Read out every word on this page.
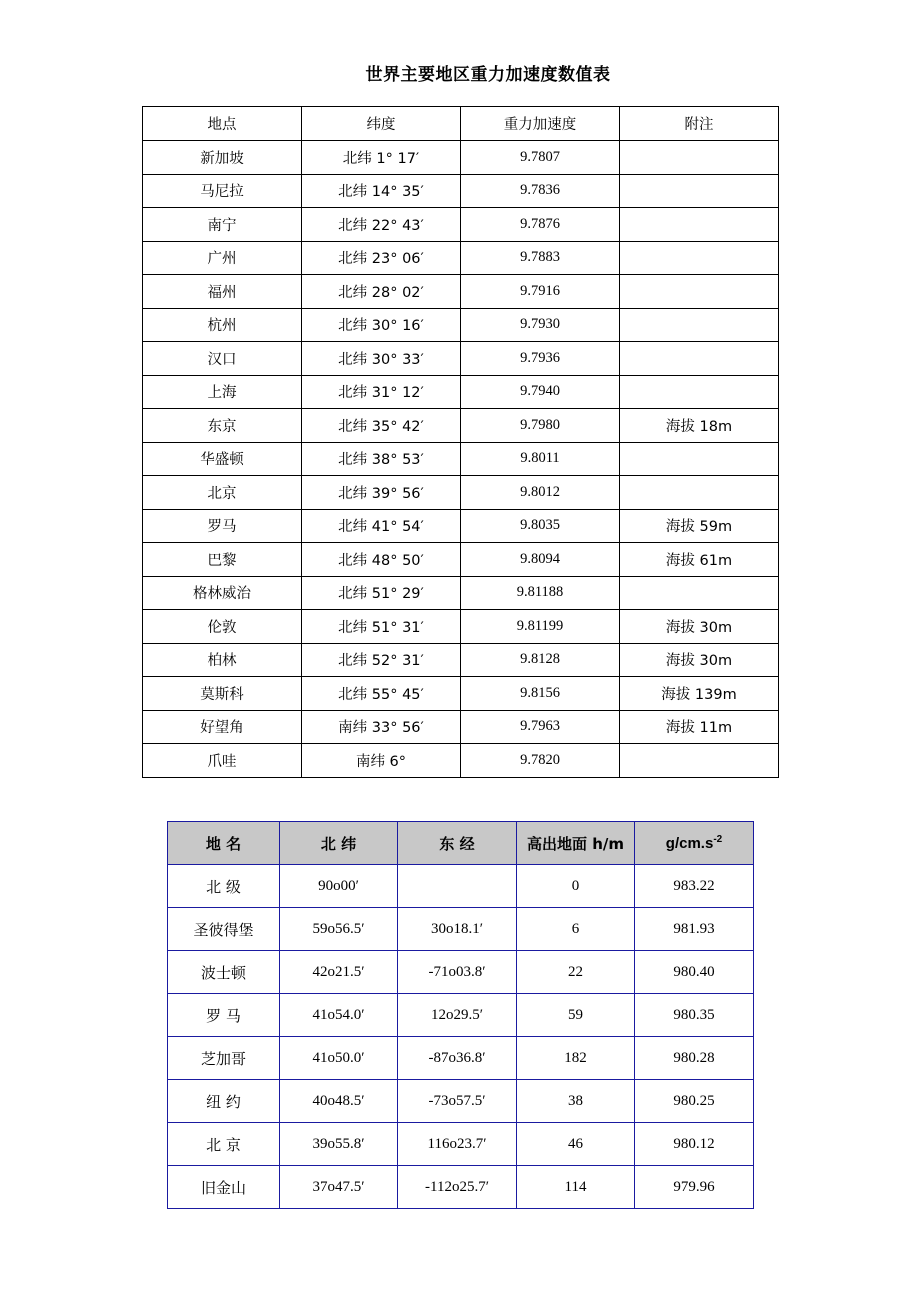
世界主要地区重力加速度数值表
地点	纬度	重力加速度	附注
新加坡	北纬 1° 17′	9.7807	
马尼拉	北纬 14° 35′	9.7836	
南宁	北纬 22° 43′	9.7876	
广州	北纬 23° 06′	9.7883	
福州	北纬 28° 02′	9.7916	
杭州	北纬 30° 16′	9.7930	
汉口	北纬 30° 33′	9.7936	
上海	北纬 31° 12′	9.7940	
东京	北纬 35° 42′	9.7980	海拔 18m
华盛顿	北纬 38° 53′	9.8011	
北京	北纬 39° 56′	9.8012	
罗马	北纬 41° 54′	9.8035	海拔 59m
巴黎	北纬 48° 50′	9.8094	海拔 61m
格林威治	北纬 51° 29′	9.81188	
伦敦	北纬 51° 31′	9.81199	海拔 30m
柏林	北纬 52° 31′	9.8128	海拔 30m
莫斯科	北纬 55° 45′	9.8156	海拔 139m
好望角	南纬 33° 56′	9.7963	海拔 11m
爪哇	南纬 6°	9.7820	
地 名	北 纬	东 经	高出地面 h/m	$g/cm.s^{-2}$
北 级	90o00′		0	983.22
圣彼得堡	59o56.5′	30o18.1′	6	981.93
波士顿	42o21.5′	-71o03.8′	22	980.40
罗 马	41o54.0′	12o29.5′	59	980.35
芝加哥	41o50.0′	-87o36.8′	182	980.28
纽 约	40o48.5′	-73o57.5′	38	980.25
北 京	39o55.8′	116o23.7′	46	980.12
旧金山	37o47.5′	-112o25.7′	114	979.96
